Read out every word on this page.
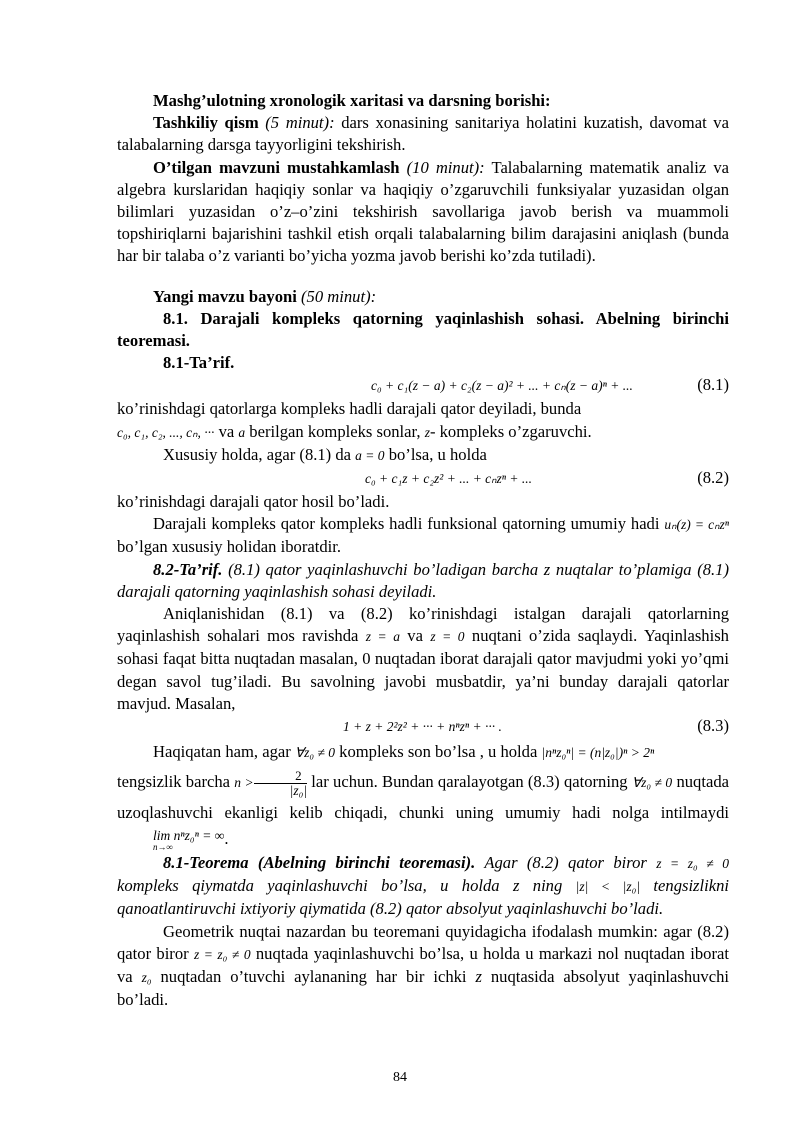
Mashg’ulotning xronologik xaritasi va darsning borishi:

Tashkiliy qism (5 minut): dars xonasining sanitariya holatini kuzatish, davomat va talabalarning darsga tayyorligini tekshirish.

O’tilgan mavzuni mustahkamlash (10 minut): Talabalarning matematik analiz va algebra kurslaridan haqiqiy sonlar va haqiqiy o’zgaruvchili funksiyalar yuzasidan olgan bilimlari yuzasidan o’z–o’zini tekshirish savollariga javob berish va muammoli topshiriqlarni bajarishini tashkil etish orqali talabalarning bilim darajasini aniqlash (bunda har bir talaba o’z varianti bo’yicha yozma javob berishi ko’zda tutiladi).

Yangi mavzu bayoni (50 minut):

8.1. Darajali kompleks qatorning yaqinlashish sohasi. Abelning birinchi teoremasi.

8.1-Ta’rif.

c₀ + c₁(z − a) + c₂(z − a)² + ... + cₙ(z − a)ⁿ + ...	(8.1)

ko’rinishdagi qatorlarga kompleks hadli darajali qator deyiladi, bunda
c₀, c₁, c₂, ..., cₙ, ··· va a berilgan kompleks sonlar, z- kompleks o’zgaruvchi.

Xususiy holda, agar (8.1) da a = 0 bo’lsa, u holda

c₀ + c₁z + c₂z² + ... + cₙzⁿ + ...	(8.2)

ko’rinishdagi darajali qator hosil bo’ladi.

Darajali kompleks qator kompleks hadli funksional qatorning umumiy hadi uₙ(z) = cₙzⁿ bo’lgan xususiy holidan iboratdir.

8.2-Ta’rif. (8.1) qator yaqinlashuvchi bo’ladigan barcha z nuqtalar to’plamiga (8.1) darajali qatorning yaqinlashish sohasi deyiladi.

Aniqlanishidan (8.1) va (8.2) ko’rinishdagi istalgan darajali qatorlarning yaqinlashish sohalari mos ravishda z = a va z = 0 nuqtani o’zida saqlaydi. Yaqinlashish sohasi faqat bitta nuqtadan masalan, 0 nuqtadan iborat darajali qator mavjudmi yoki yo’qmi degan savol tug’iladi. Bu savolning javobi musbatdir, ya’ni bunday darajali qatorlar mavjud. Masalan,

1 + z + 2²z² + ··· + nⁿzⁿ + ··· .	(8.3)

Haqiqatan ham, agar ∀z₀ ≠ 0 kompleks son bo’lsa , u holda |nⁿz₀ⁿ| = (n|z₀|)ⁿ > 2ⁿ
tengsizlik barcha $n > \frac{2}{\text{|z₀|}}$ lar uchun. Bundan qaralayotgan (8.3) qatorning ∀z₀ ≠ 0 nuqtada uzoqlashuvchi ekanligi kelib chiqadi, chunki uning umumiy hadi nolga intilmaydi
lim nⁿz₀ⁿ = ∞
n→∞	.

8.1-Teorema (Abelning birinchi teoremasi). Agar (8.2) qator biror z = z₀ ≠ 0 kompleks qiymatda yaqinlashuvchi bo’lsa, u holda z ning |z| < |z₀| tengsizlikni qanoatlantiruvchi ixtiyoriy qiymatida (8.2) qator absolyut yaqinlashuvchi bo’ladi.

Geometrik nuqtai nazardan bu teoremani quyidagicha ifodalash mumkin: agar (8.2) qator biror z = z₀ ≠ 0 nuqtada yaqinlashuvchi bo’lsa, u holda u markazi nol nuqtadan iborat va z₀ nuqtadan o’tuvchi aylananing har bir ichki z nuqtasida absolyut yaqinlashuvchi bo’ladi.

84
